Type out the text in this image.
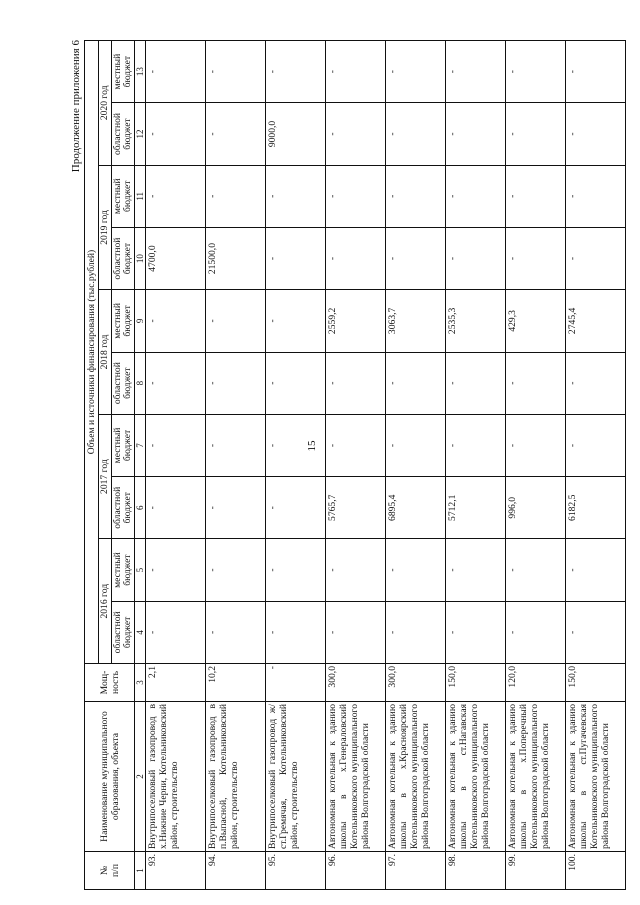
15
Продолжение приложения 6
№
п/п	Наименование муниципального образования, объекта	Мощ-ность	Объем и источники финансирования (тыс.рублей)									
			2016 год		2017 год		2018 год		2019 год		2020 год	
			областной бюджет	местный бюджет	областной бюджет	местный бюджет	областной бюджет	местный бюджет	областной бюджет	местный бюджет	областной бюджет	местный бюджет
1	2	3	4	5	6	7	8	9	10	11	12	13
93.	Внутрипоселковый газопровод в х.Нижние Черни, Котельниковский район, строительство	2,1	-	-	-	-	-	-	4700,0	-	-	-
94.	Внутрипоселковый газопровод в п.Выпасной, Котельниковский район, строительство	10,2	-	-	-	-	-	-	21500,0	-	-	-
95.	Внутрипоселковый газопровод ж/ст.Гремячая, Котельниковский район, строительство	-	-	-	-	-	-	-	-	-	9000,0	-
96.	Автономная котельная к зданию школы в х.Генераловский Котельниковского муниципального района Волгоградской области	300,0	-	-	5765,7	-	-	2559,2	-	-	-	-
97.	Автономная котельная к зданию школы в х.Красноярский Котельниковского муниципального района Волгоградской области	300,0	-	-	6895,4	-	-	3063,7	-	-	-	-
98.	Автономная котельная к зданию школы в ст.Нагавская Котельниковского муниципального района Волгоградской области	150,0	-	-	5712,1	-	-	2535,3	-	-	-	-
99.	Автономная котельная к зданию школы в х.Поперечный Котельниковского муниципального района Волгоградской области	120,0	-	-	996,0	-	-	429,3	-	-	-	-
100.	Автономная котельная к зданию школы в ст.Пугачевская Котельниковского муниципального района Волгоградской области	150,0	-	-	6182,5	-	-	2745,4	-	-	-	-
